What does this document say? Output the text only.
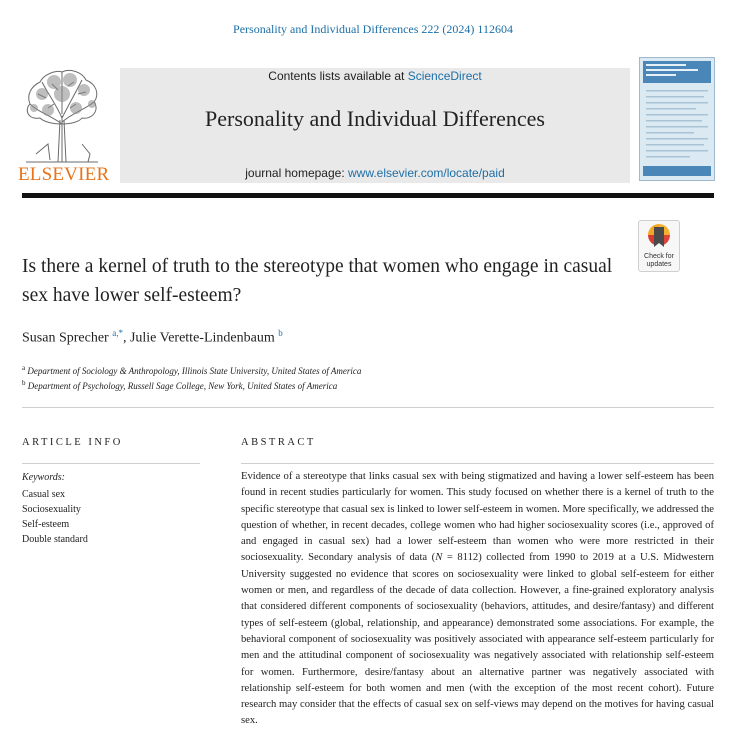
Personality and Individual Differences 222 (2024) 112604
ELSEVIER
Contents lists available at ScienceDirect
Personality and Individual Differences
journal homepage: www.elsevier.com/locate/paid
Is there a kernel of truth to the stereotype that women who engage in casual sex have lower self-esteem?
Check for updates
Susan Sprecher $^{a,*}$, Julie Verette-Lindenbaum $^b$
$^a$ Department of Sociology & Anthropology, Illinois State University, United States of America
$^b$ Department of Psychology, Russell Sage College, New York, United States of America
ARTICLE INFO
Keywords:
Casual sex
Sociosexuality
Self-esteem
Double standard
ABSTRACT

Evidence of a stereotype that links casual sex with being stigmatized and having a lower self-esteem has been found in recent studies particularly for women. This study focused on whether there is a kernel of truth to the specific stereotype that casual sex is linked to lower self-esteem in women. More specifically, we addressed the question of whether, in recent decades, college women who had higher sociosexuality scores (i.e., approved of and engaged in casual sex) had a lower self-esteem than women who were more restricted in their sociosexuality. Secondary analysis of data (N = 8112) collected from 1990 to 2019 at a U.S. Midwestern University suggested no evidence that scores on sociosexuality were linked to global self-esteem for either women or men, and regardless of the decade of data collection. However, a fine-grained exploratory analysis that considered different components of sociosexuality (behaviors, attitudes, and desire/fantasy) and different types of self-esteem (global, relationship, and appearance) demonstrated some associations. For example, the behavioral component of sociosexuality was positively associated with appearance self-esteem particularly for men and the attitudinal component of sociosexuality was negatively associated with relationship self-esteem for women. Furthermore, desire/fantasy about an alternative partner was negatively associated with relationship self-esteem for both women and men (with the exception of the most recent cohort). Future research may consider that the effects of casual sex on self-views may depend on the motives for having casual sex.
